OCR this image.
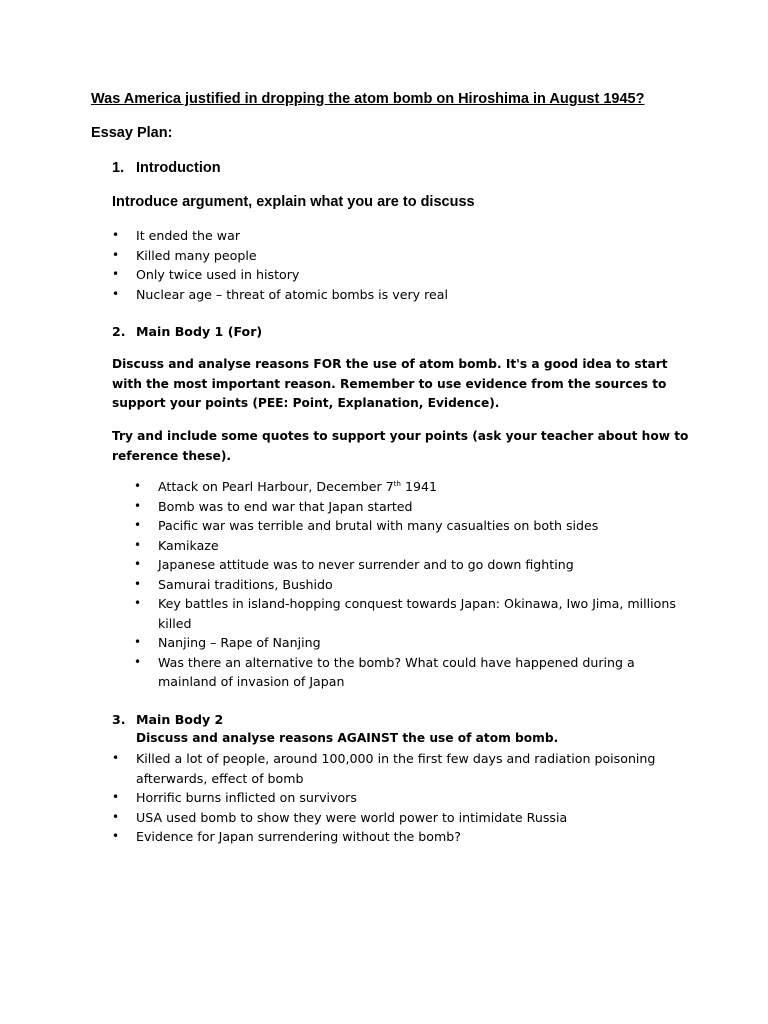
Was America justified in dropping the atom bomb on Hiroshima in August 1945?
Essay Plan:
1. Introduction
Introduce argument, explain what you are to discuss
• It ended the war
• Killed many people
• Only twice used in history
• Nuclear age – threat of atomic bombs is very real
2. Main Body 1 (For)
Discuss and analyse reasons FOR the use of atom bomb. It's a good idea to start with the most important reason. Remember to use evidence from the sources to support your points (PEE: Point, Explanation, Evidence).
Try and include some quotes to support your points (ask your teacher about how to reference these).
• Attack on Pearl Harbour, December 7th 1941
• Bomb was to end war that Japan started
• Pacific war was terrible and brutal with many casualties on both sides
• Kamikaze
• Japanese attitude was to never surrender and to go down fighting
• Samurai traditions, Bushido
• Key battles in island-hopping conquest towards Japan: Okinawa, Iwo Jima, millions killed
• Nanjing – Rape of Nanjing
• Was there an alternative to the bomb? What could have happened during a mainland of invasion of Japan
3. Main Body 2
Discuss and analyse reasons AGAINST the use of atom bomb.
• Killed a lot of people, around 100,000 in the first few days and radiation poisoning afterwards, effect of bomb
• Horrific burns inflicted on survivors
• USA used bomb to show they were world power to intimidate Russia
• Evidence for Japan surrendering without the bomb?
